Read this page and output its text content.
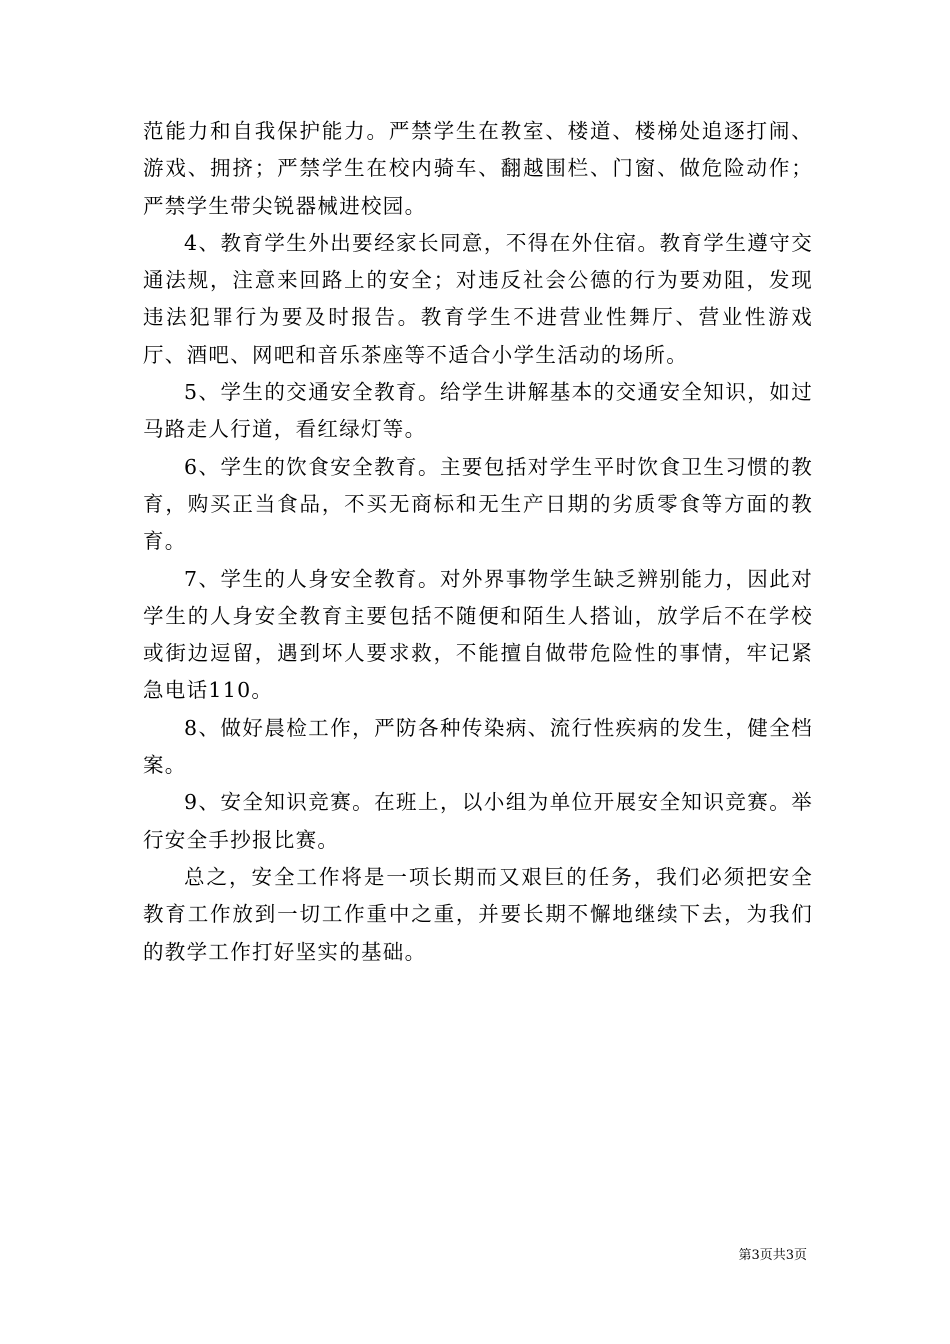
范能力和自我保护能力。严禁学生在教室、楼道、楼梯处追逐打闹、游戏、拥挤；严禁学生在校内骑车、翻越围栏、门窗、做危险动作；严禁学生带尖锐器械进校园。

4、教育学生外出要经家长同意，不得在外住宿。教育学生遵守交通法规，注意来回路上的安全；对违反社会公德的行为要劝阻，发现违法犯罪行为要及时报告。教育学生不进营业性舞厅、营业性游戏厅、酒吧、网吧和音乐茶座等不适合小学生活动的场所。

5、学生的交通安全教育。给学生讲解基本的交通安全知识，如过马路走人行道，看红绿灯等。

6、学生的饮食安全教育。主要包括对学生平时饮食卫生习惯的教育，购买正当食品，不买无商标和无生产日期的劣质零食等方面的教育。

7、学生的人身安全教育。对外界事物学生缺乏辨别能力，因此对学生的人身安全教育主要包括不随便和陌生人搭讪，放学后不在学校或街边逗留，遇到坏人要求救，不能擅自做带危险性的事情，牢记紧急电话110。

8、做好晨检工作，严防各种传染病、流行性疾病的发生，健全档案。

9、安全知识竞赛。在班上，以小组为单位开展安全知识竞赛。举行安全手抄报比赛。

总之，安全工作将是一项长期而又艰巨的任务，我们必须把安全教育工作放到一切工作重中之重，并要长期不懈地继续下去，为我们的教学工作打好坚实的基础。

第3页共3页
